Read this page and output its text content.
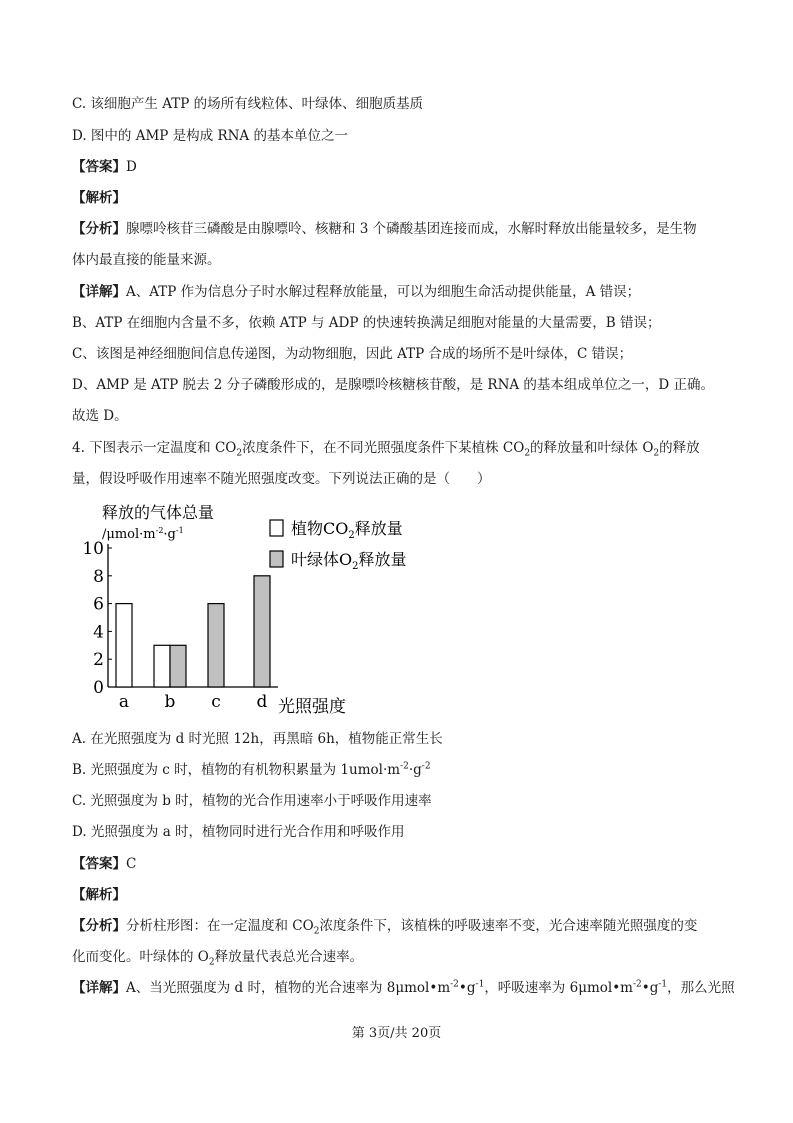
C. 该细胞产生 ATP 的场所有线粒体、叶绿体、细胞质基质
D. 图中的 AMP 是构成 RNA 的基本单位之一
【答案】D
【解析】
【分析】腺嘌呤核苷三磷酸是由腺嘌呤、核糖和 3 个磷酸基团连接而成，水解时释放出能量较多，是生物
体内最直接的能量来源。
【详解】A、ATP 作为信息分子时水解过程释放能量，可以为细胞生命活动提供能量，A 错误；
B、ATP 在细胞内含量不多，依赖 ATP 与 ADP 的快速转换满足细胞对能量的大量需要，B 错误；
C、该图是神经细胞间信息传递图，为动物细胞，因此 ATP 合成的场所不是叶绿体，C 错误；
D、AMP 是 ATP 脱去 2 分子磷酸形成的，是腺嘌呤核糖核苷酸，是 RNA 的基本组成单位之一，D 正确。
故选 D。
4. 下图表示一定温度和 $CO_2$浓度条件下，在不同光照强度条件下某植株 $CO_2$的释放量和叶绿体 $O_2$的释放
量，假设呼吸作用速率不随光照强度改变。下列说法正确的是（　　）
释放的气体总量
$/\mu mol\cdot m^{-2}\cdot g^{-1}$	植物$CO_2$释放量
叶绿体$O_2$释放量
0
2
4
6
8
10
a b c d 光照强度
A. 在光照强度为 d 时光照 12h，再黑暗 6h，植物能正常生长
B. 光照强度为 c 时，植物的有机物积累量为 $1umol\cdot m^{-2}\cdot g^{-2}$
C. 光照强度为 b 时，植物的光合作用速率小于呼吸作用速率
D. 光照强度为 a 时，植物同时进行光合作用和呼吸作用
【答案】C
【解析】
【分析】分析柱形图：在一定温度和 $CO_2$浓度条件下，该植株的呼吸速率不变，光合速率随光照强度的变
化而变化。叶绿体的 $O_2$释放量代表总光合速率。
【详解】A、当光照强度为 d 时，植物的光合速率为 $8\mu mol•m^{-2}•g^{-1}$，呼吸速率为 $6\mu mol•m^{-2}•g^{-1}$，那么光照
第 3页/共 20页
